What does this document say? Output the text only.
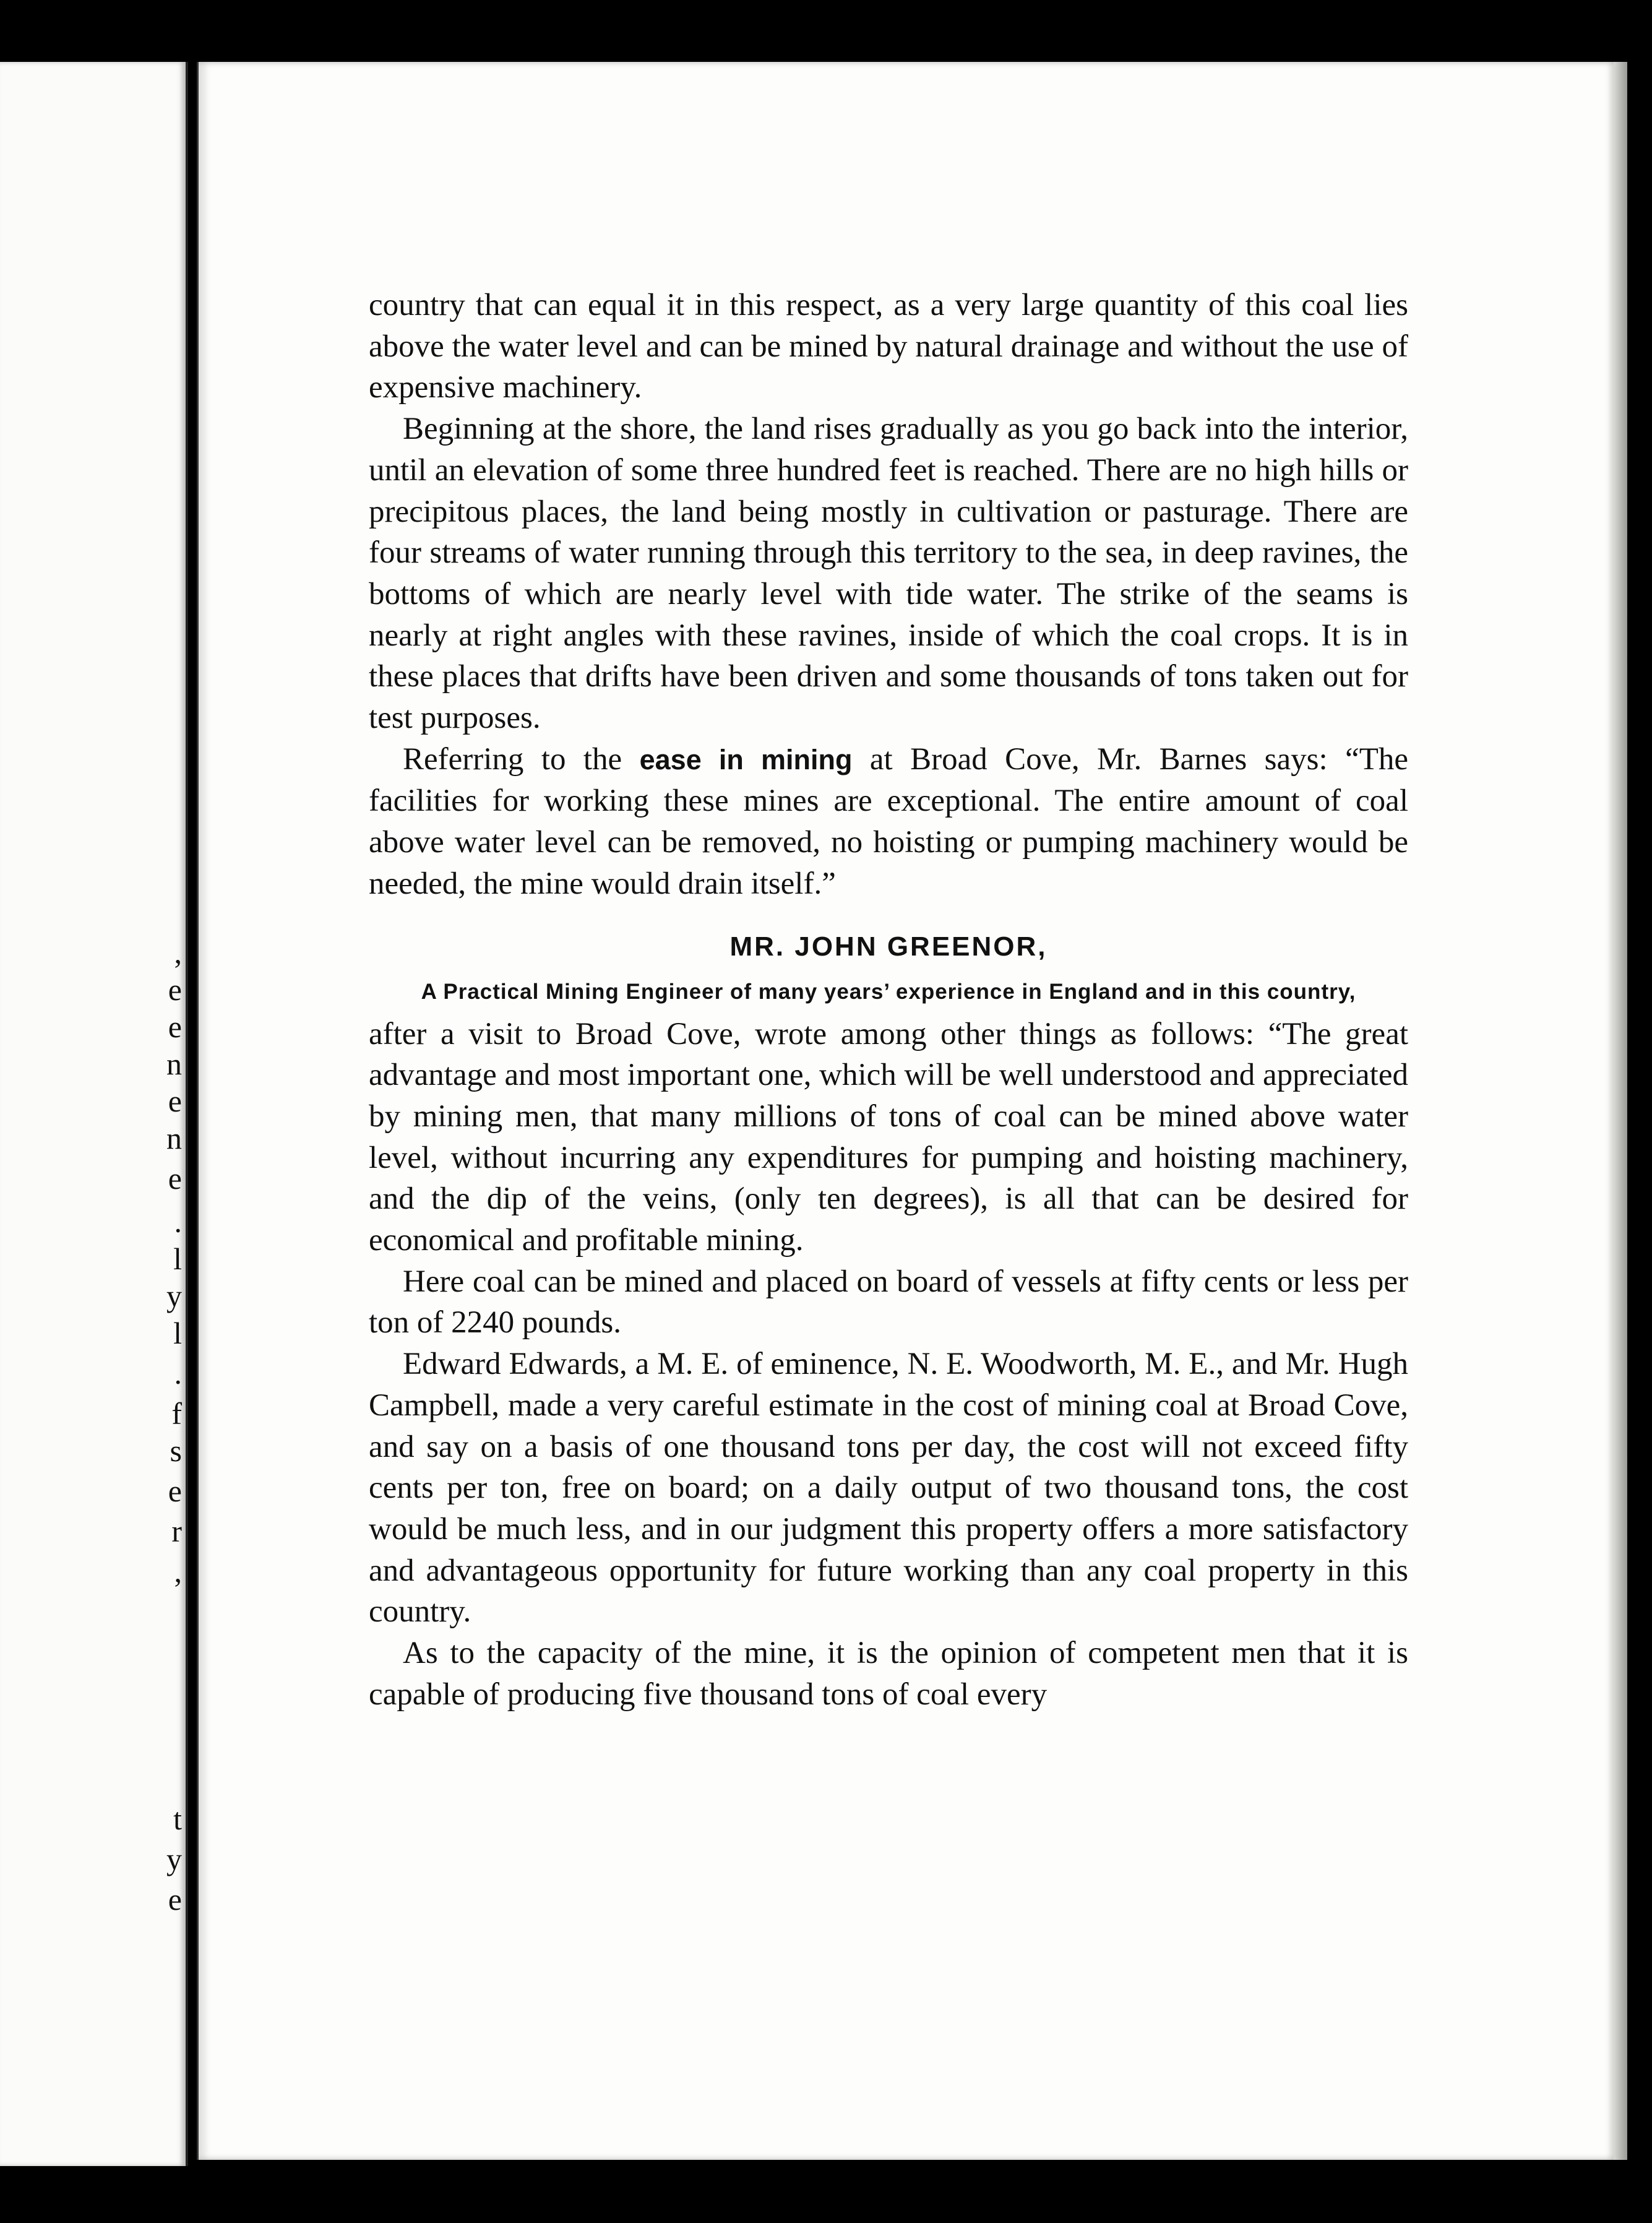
,
e
e
n
e
n
e
.
l
y
l
.
f
s
e
r
,
t
y
e

country that can equal it in this respect, as a very large quantity of this coal lies above the water level and can be mined by natural drainage and without the use of expensive machinery.

Beginning at the shore, the land rises gradually as you go back into the interior, until an elevation of some three hundred feet is reached. There are no high hills or precipitous places, the land being mostly in cultivation or pasturage. There are four streams of water running through this territory to the sea, in deep ravines, the bottoms of which are nearly level with tide water. The strike of the seams is nearly at right angles with these ravines, inside of which the coal crops. It is in these places that drifts have been driven and some thousands of tons taken out for test purposes.

Referring to the ease in mining at Broad Cove, Mr. Barnes says: “The facilities for working these mines are exceptional. The entire amount of coal above water level can be removed, no hoisting or pumping machinery would be needed, the mine would drain itself.”

MR. JOHN GREENOR,
A Practical Mining Engineer of many years’ experience in England and in this country,

after a visit to Broad Cove, wrote among other things as follows: “The great advantage and most important one, which will be well understood and appreciated by mining men, that many millions of tons of coal can be mined above water level, without incurring any expenditures for pumping and hoisting machinery, and the dip of the veins, (only ten degrees), is all that can be desired for economical and profitable mining.

Here coal can be mined and placed on board of vessels at fifty cents or less per ton of 2240 pounds.

Edward Edwards, a M. E. of eminence, N. E. Woodworth, M. E., and Mr. Hugh Campbell, made a very careful estimate in the cost of mining coal at Broad Cove, and say on a basis of one thousand tons per day, the cost will not exceed fifty cents per ton, free on board; on a daily output of two thousand tons, the cost would be much less, and in our judgment this property offers a more satisfactory and advantageous opportunity for future working than any coal property in this country.

As to the capacity of the mine, it is the opinion of competent men that it is capable of producing five thousand tons of coal every
